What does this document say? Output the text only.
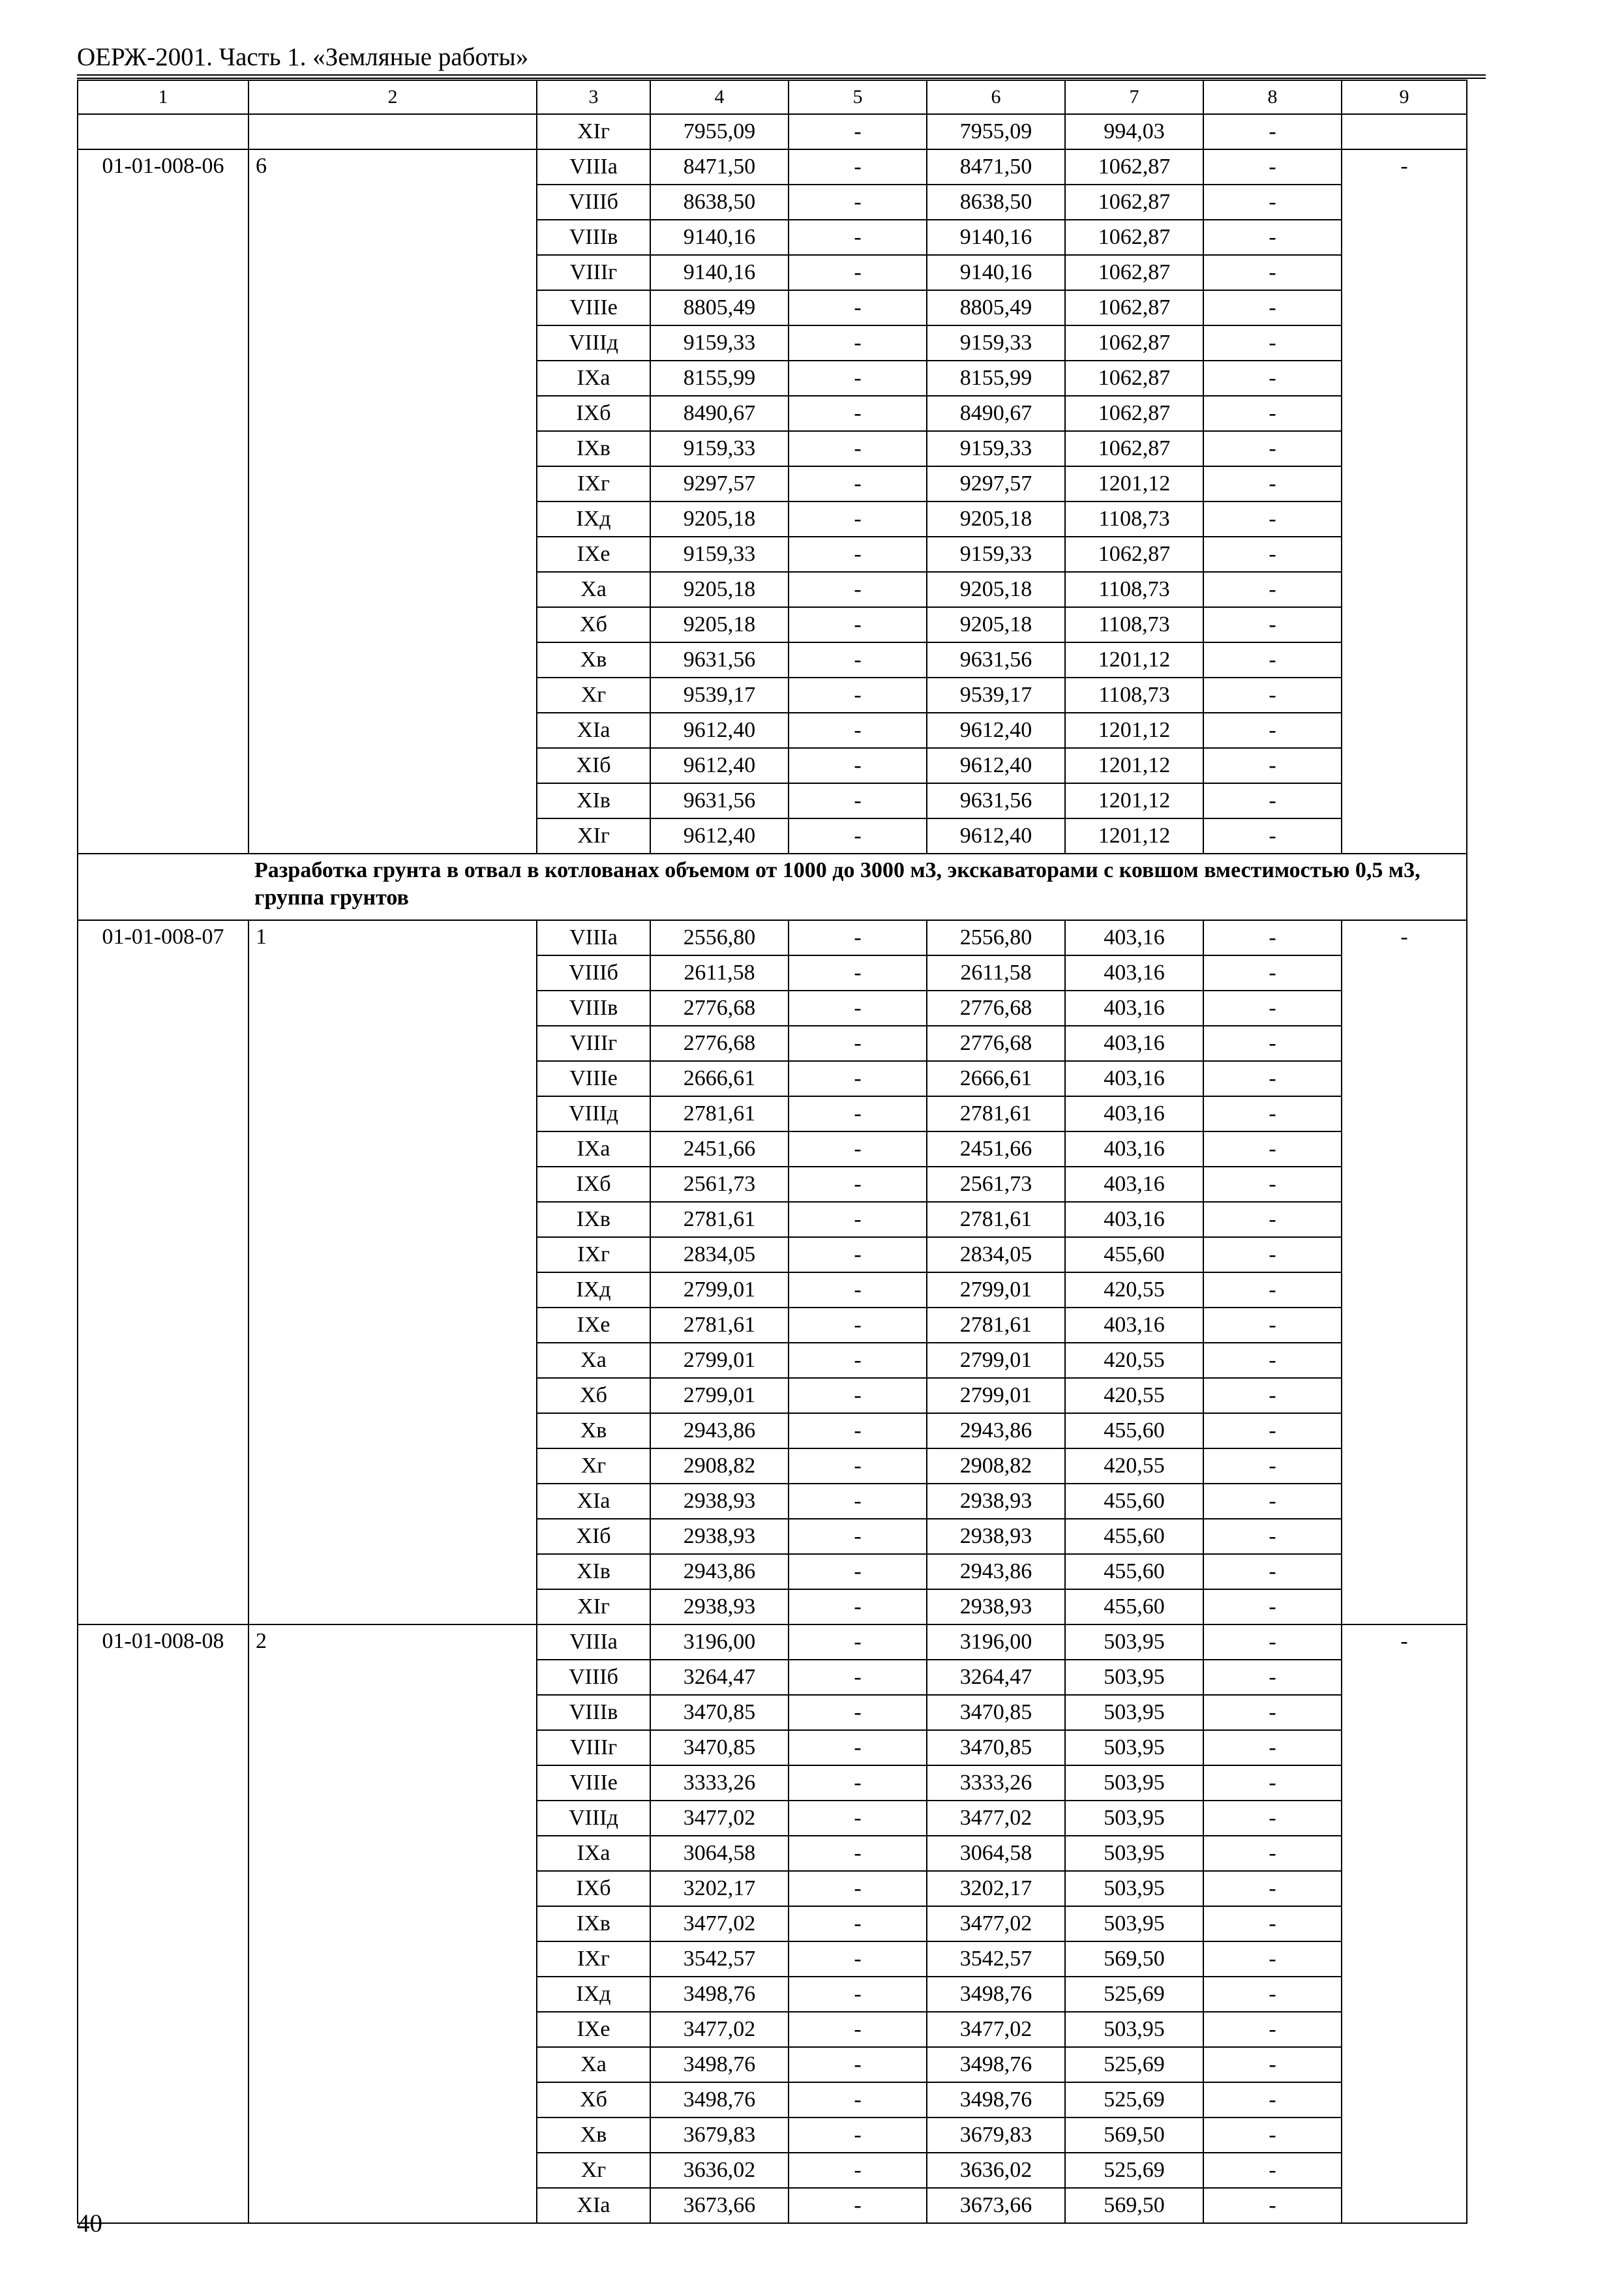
ОЕРЖ-2001. Часть 1. «Земляные работы»
1	2	3	4	5	6	7	8	9
		XIг	7955,09	-	7955,09	994,03	-	
01-01-008-06	6	VIIIа	8471,50	-	8471,50	1062,87	-	-
		VIIIб	8638,50	-	8638,50	1062,87	-	
		VIIIв	9140,16	-	9140,16	1062,87	-	
		VIIIг	9140,16	-	9140,16	1062,87	-	
		VIIIе	8805,49	-	8805,49	1062,87	-	
		VIIIд	9159,33	-	9159,33	1062,87	-	
		IXа	8155,99	-	8155,99	1062,87	-	
		IXб	8490,67	-	8490,67	1062,87	-	
		IXв	9159,33	-	9159,33	1062,87	-	
		IXг	9297,57	-	9297,57	1201,12	-	
		IXд	9205,18	-	9205,18	1108,73	-	
		IXе	9159,33	-	9159,33	1062,87	-	
		Xа	9205,18	-	9205,18	1108,73	-	
		Xб	9205,18	-	9205,18	1108,73	-	
		Xв	9631,56	-	9631,56	1201,12	-	
		Xг	9539,17	-	9539,17	1108,73	-	
		XIа	9612,40	-	9612,40	1201,12	-	
		XIб	9612,40	-	9612,40	1201,12	-	
		XIв	9631,56	-	9631,56	1201,12	-	
		XIг	9612,40	-	9612,40	1201,12	-	

Разработка грунта в отвал в котлованах объемом от 1000 до 3000 м3, экскаваторами с ковшом вместимостью 0,5 м3, группа грунтов								

01-01-008-07	1	VIIIа	2556,80	-	2556,80	403,16	-	-
		VIIIб	2611,58	-	2611,58	403,16	-	
		VIIIв	2776,68	-	2776,68	403,16	-	
		VIIIг	2776,68	-	2776,68	403,16	-	
		VIIIе	2666,61	-	2666,61	403,16	-	
		VIIIд	2781,61	-	2781,61	403,16	-	
		IXа	2451,66	-	2451,66	403,16	-	
		IXб	2561,73	-	2561,73	403,16	-	
		IXв	2781,61	-	2781,61	403,16	-	
		IXг	2834,05	-	2834,05	455,60	-	
		IXд	2799,01	-	2799,01	420,55	-	
		IXе	2781,61	-	2781,61	403,16	-	
		Xа	2799,01	-	2799,01	420,55	-	
		Xб	2799,01	-	2799,01	420,55	-	
		Xв	2943,86	-	2943,86	455,60	-	
		Xг	2908,82	-	2908,82	420,55	-	
		XIа	2938,93	-	2938,93	455,60	-	
		XIб	2938,93	-	2938,93	455,60	-	
		XIв	2943,86	-	2943,86	455,60	-	
		XIг	2938,93	-	2938,93	455,60	-	
01-01-008-08	2	VIIIа	3196,00	-	3196,00	503,95	-	-
		VIIIб	3264,47	-	3264,47	503,95	-	
		VIIIв	3470,85	-	3470,85	503,95	-	
		VIIIг	3470,85	-	3470,85	503,95	-	
		VIIIе	3333,26	-	3333,26	503,95	-	
		VIIIд	3477,02	-	3477,02	503,95	-	
		IXа	3064,58	-	3064,58	503,95	-	
		IXб	3202,17	-	3202,17	503,95	-	
		IXв	3477,02	-	3477,02	503,95	-	
		IXг	3542,57	-	3542,57	569,50	-	
		IXд	3498,76	-	3498,76	525,69	-	
		IXе	3477,02	-	3477,02	503,95	-	
		Xа	3498,76	-	3498,76	525,69	-	
		Xб	3498,76	-	3498,76	525,69	-	
		Xв	3679,83	-	3679,83	569,50	-	
		Xг	3636,02	-	3636,02	525,69	-	
		XIа	3673,66	-	3673,66	569,50	-	
40
